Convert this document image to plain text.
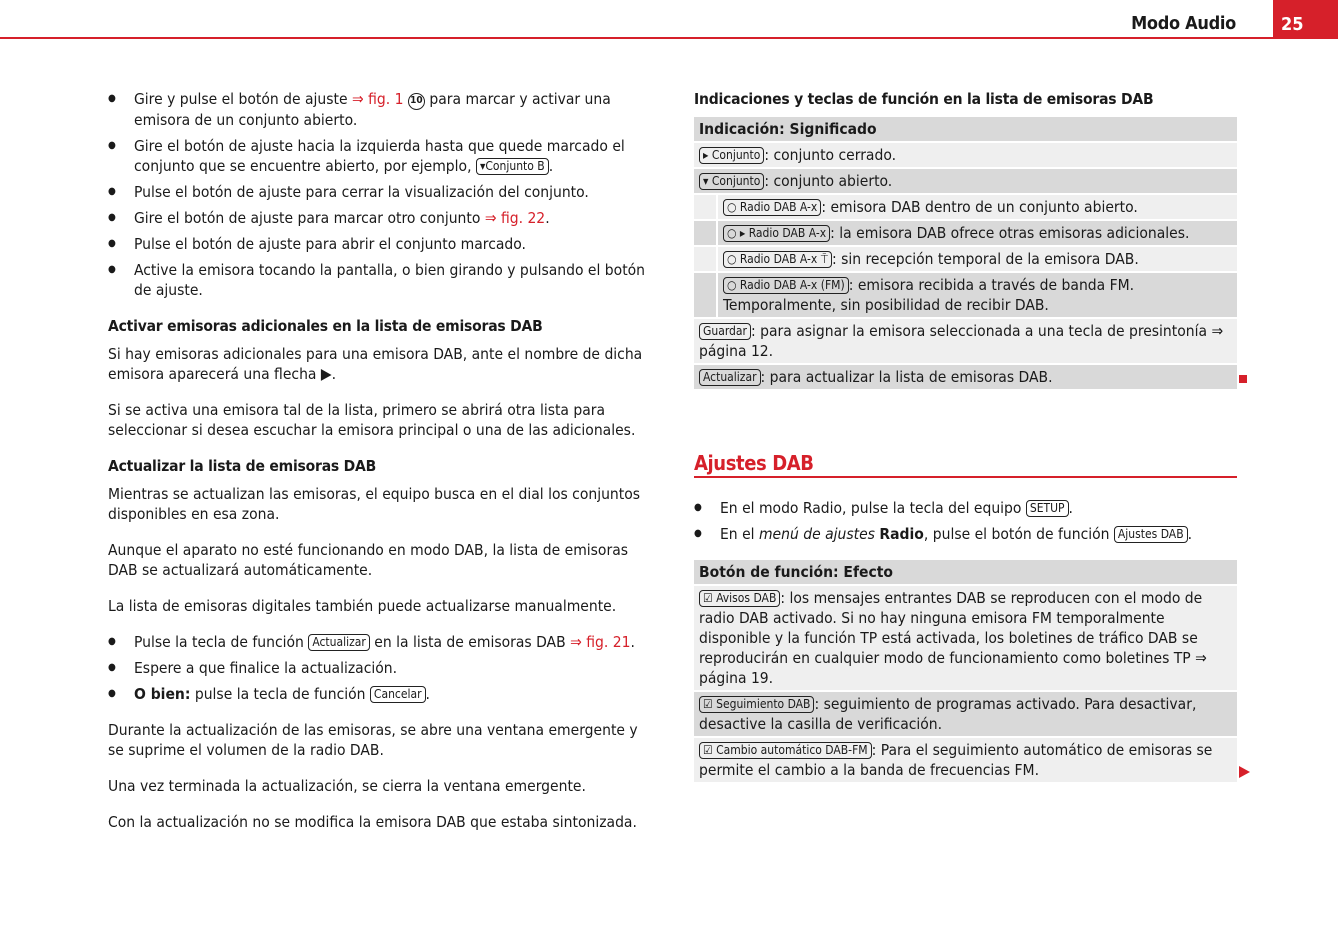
Modo Audio	25
● Gire y pulse el botón de ajuste ⇒ fig. 1 10 para marcar y activar una emisora de un conjunto abierto.
● Gire el botón de ajuste hacia la izquierda hasta que quede marcado el conjunto que se encuentre abierto, por ejemplo, ▾Conjunto B .
● Pulse el botón de ajuste para cerrar la visualización del conjunto.
● Gire el botón de ajuste para marcar otro conjunto ⇒ fig. 22.
● Pulse el botón de ajuste para abrir el conjunto marcado.
● Active la emisora tocando la pantalla, o bien girando y pulsando el botón de ajuste.
Activar emisoras adicionales en la lista de emisoras DAB
Si hay emisoras adicionales para una emisora DAB, ante el nombre de dicha emisora aparecerá una flecha ▶.
Si se activa una emisora tal de la lista, primero se abrirá otra lista para seleccionar si desea escuchar la emisora principal o una de las adicionales.
Actualizar la lista de emisoras DAB
Mientras se actualizan las emisoras, el equipo busca en el dial los conjuntos disponibles en esa zona.
Aunque el aparato no esté funcionando en modo DAB, la lista de emisoras DAB se actualizará automáticamente.
La lista de emisoras digitales también puede actualizarse manualmente.
● Pulse la tecla de función Actualizar en la lista de emisoras DAB ⇒ fig. 21.
● Espere a que finalice la actualización.
● O bien: pulse la tecla de función Cancelar .
Durante la actualización de las emisoras, se abre una ventana emergente y se suprime el volumen de la radio DAB.
Una vez terminada la actualización, se cierra la ventana emergente.
Con la actualización no se modifica la emisora DAB que estaba sintonizada.
Indicaciones y teclas de función en la lista de emisoras DAB
Indicación: Significado
▸ Conjunto : conjunto cerrado.
▾ Conjunto : conjunto abierto.
○ Radio DAB A-x : emisora DAB dentro de un conjunto abierto.
○ ▸ Radio DAB A-x : la emisora DAB ofrece otras emisoras adicionales.
○ Radio DAB A-x ⍑ : sin recepción temporal de la emisora DAB.
○ Radio DAB A-x (FM) : emisora recibida a través de banda FM. Temporalmente, sin posibilidad de recibir DAB.
Guardar : para asignar la emisora seleccionada a una tecla de presintonía ⇒ página 12.
Actualizar : para actualizar la lista de emisoras DAB.
Ajustes DAB
● En el modo Radio, pulse la tecla del equipo SETUP .
● En el menú de ajustes Radio, pulse el botón de función Ajustes DAB .
Botón de función: Efecto
☑ Avisos DAB : los mensajes entrantes DAB se reproducen con el modo de radio DAB activado. Si no hay ninguna emisora FM temporalmente disponible y la función TP está activada, los boletines de tráfico DAB se reproducirán en cualquier modo de funcionamiento como boletines TP ⇒ página 19.
☑ Seguimiento DAB : seguimiento de programas activado. Para desactivar, desactive la casilla de verificación.
☑ Cambio automático DAB-FM : Para el seguimiento automático de emisoras se permite el cambio a la banda de frecuencias FM.
